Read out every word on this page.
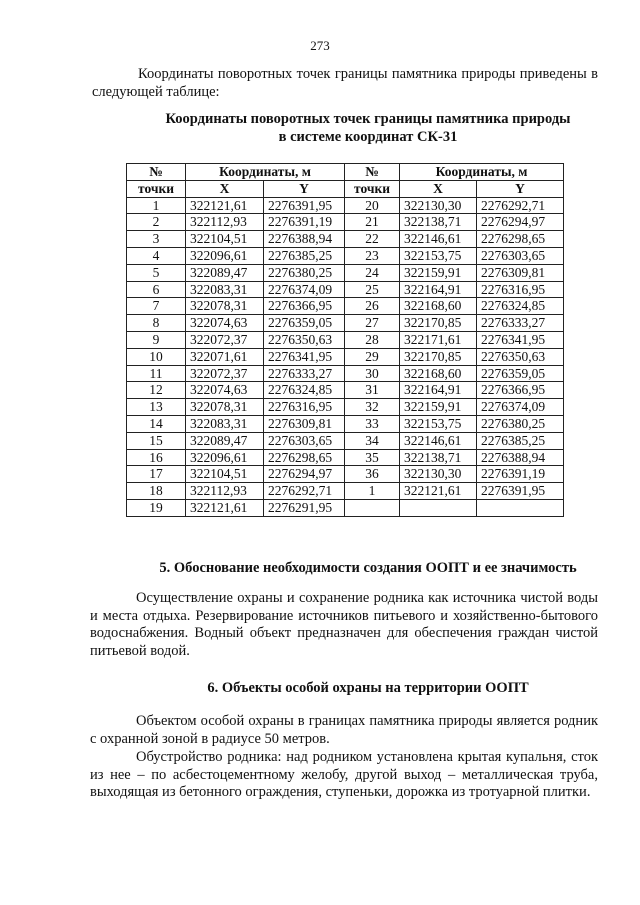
273
Координаты поворотных точек границы памятника природы приведены в следующей таблице:
Координаты поворотных точек границы памятника природы
в системе координат СК-31
№	Координаты, м		№	Координаты, м	
точки	X	Y	точки	X	Y
1	322121,61	2276391,95	20	322130,30	2276292,71
2	322112,93	2276391,19	21	322138,71	2276294,97
3	322104,51	2276388,94	22	322146,61	2276298,65
4	322096,61	2276385,25	23	322153,75	2276303,65
5	322089,47	2276380,25	24	322159,91	2276309,81
6	322083,31	2276374,09	25	322164,91	2276316,95
7	322078,31	2276366,95	26	322168,60	2276324,85
8	322074,63	2276359,05	27	322170,85	2276333,27
9	322072,37	2276350,63	28	322171,61	2276341,95
10	322071,61	2276341,95	29	322170,85	2276350,63
11	322072,37	2276333,27	30	322168,60	2276359,05
12	322074,63	2276324,85	31	322164,91	2276366,95
13	322078,31	2276316,95	32	322159,91	2276374,09
14	322083,31	2276309,81	33	322153,75	2276380,25
15	322089,47	2276303,65	34	322146,61	2276385,25
16	322096,61	2276298,65	35	322138,71	2276388,94
17	322104,51	2276294,97	36	322130,30	2276391,19
18	322112,93	2276292,71	1	322121,61	2276391,95
19	322121,61	2276291,95			
5. Обоснование необходимости создания ООПТ и ее значимость
Осуществление охраны и сохранение родника как источника чистой воды и места отдыха. Резервирование источников питьевого и хозяйственно-бытового водоснабжения. Водный объект предназначен для обеспечения граждан чистой питьевой водой.
6. Объекты особой охраны на территории ООПТ
Объектом особой охраны в границах памятника природы является родник с охранной зоной в радиусе 50 метров.
Обустройство родника: над родником установлена крытая купальня, сток из нее – по асбестоцементному желобу, другой выход – металлическая труба, выходящая из бетонного ограждения, ступеньки, дорожка из тротуарной плитки.
